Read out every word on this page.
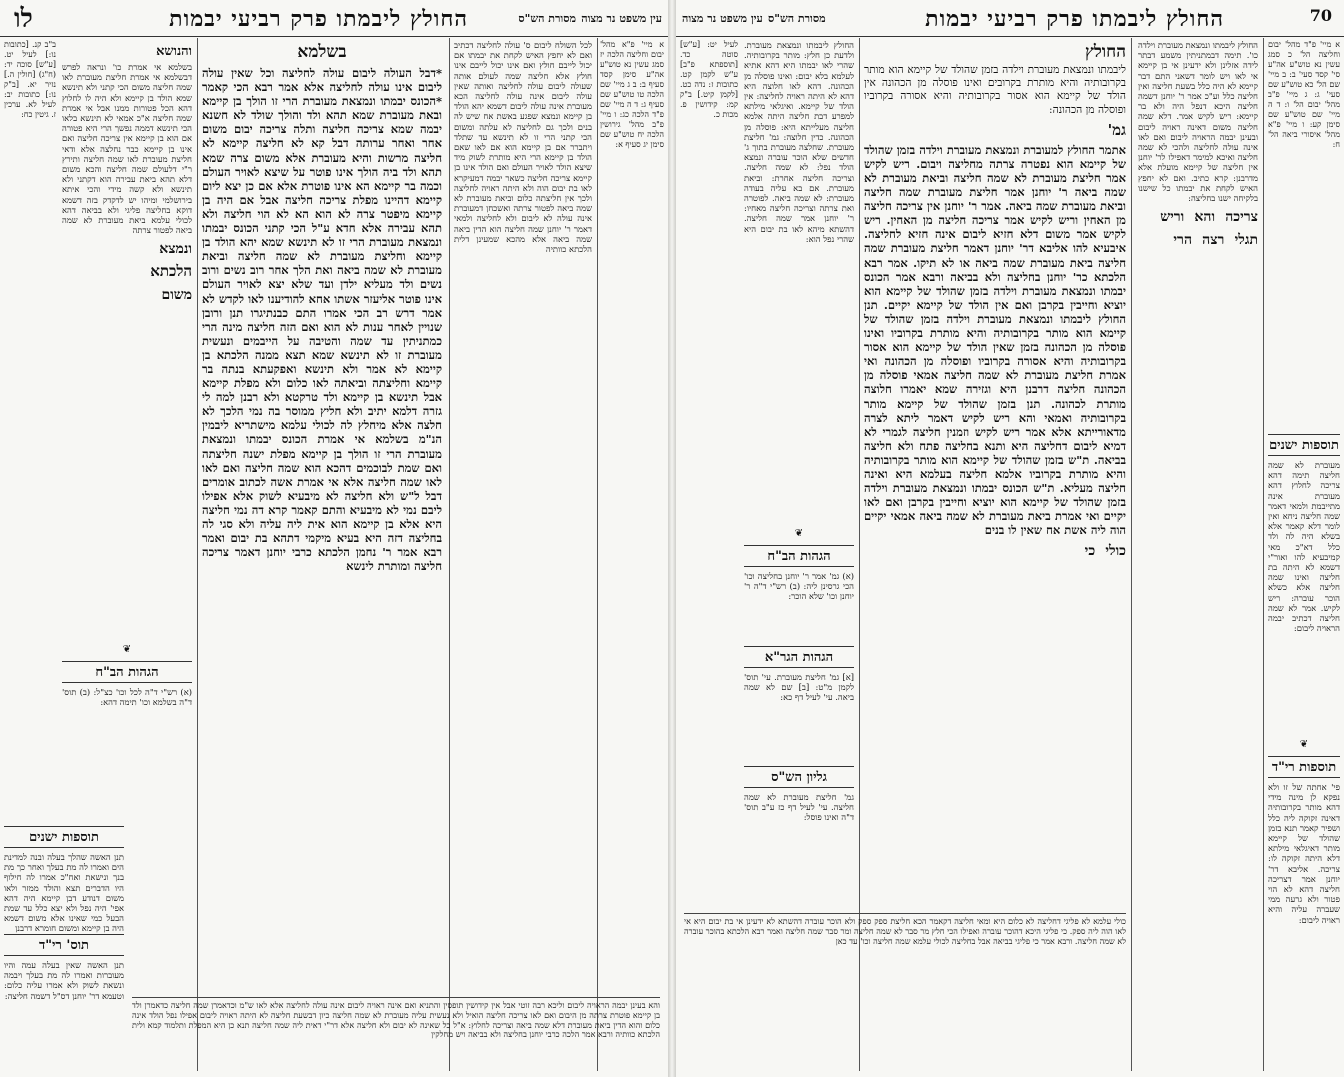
עין משפט נר מצוה
לו	החולץ ליבמתו פרק רביעי יבמות	מסורת הש"ס

א מיי' פ"א מהל' יבום וחליצה הלכה יז סמג עשין נא טוש"ע אה"ע סימן קסד סעיף ב: ב ג מיי' שם הלכה טו טוש"ע שם סעיף ג: ד ה מיי' שם פ"ד הלכה כג: ו מיי' פ"ב מהל' גירושין הלכה יח טוש"ע שם סימן יג סעיף א:

לכל השולח ליבום ס' עולה לחליצה דכתיב ואם לא יחפץ האיש לקחת את יבמתו אם יכול לייבם חולץ ואם אינו יכול לייבם אינו חולץ אלא חליצה שמה לעולם אותה שעולה ליבום עולה לחליצה ואותה שאין עולה ליבום אינה עולה לחליצה הכא מעוברת אינה עולה ליבום דשמא יהא הולד בן קיימא ונמצא שפגע באשת אח שיש לה בנים ולכך גם לחליצה לא עלתה ומשום הכי קתני הרי זו לא תינשא עד שתלד ויתברר אם בן קיימא הוא אם לאו שאם הולד בן קיימא הרי היא מותרת לשוק מיד שיצא הולד לאויר העולם ואם הולד אינו בן קיימא צריכה חליצה כשאר יבמה דמעיקרא לאו בת יבום הוה ולא היתה ראויה לחליצה ולכך אין חליצתה כלום וביאת מעוברת לא שמה ביאה לפטור צרתה ואשכחן דמעוברת אינה עולה לא ליבום ולא לחליצה ולמאי דאמר ר' יוחנן שמה חליצה הוא הדין ביאה שמה ביאה אלא מהכא שמעינן דלית הלכתא כוותיה

בשלמא

*דבל העולה ליבום עולה לחליצה וכל שאין עולה ליבום אינו עולה לחליצה אלא אמר רבא הכי קאמר *הכונס יבמתו ונמצאת מעוברת הרי זו הולך בן קיימא ובאת מעוברת שמא תהא ולד והולך שולד לא חשנא יבמה שמא צריכה חליצה ותלה צריכה יבום משום אחר ואחר ערותה דבל קא לא חליצה קיימא לא חליצה מרשות והיא מעוברת אלא משום צרה שמא תהא ולד ביה הולך אינו פוטר על שיצא לאויר העולם וכמה בר קיימא הא אינו פוטרת אלא אם כן יצא ליום קיימא דהיינו מפלת צריכה חליצה אבל אם היה בן קיימא מיפטר צרה לא הוא הא לא הוי חליצה ולא תהא עבירה אלא חדא ע"ל הכי קתני הכונס יבמתו ונמצאת מעוברת הרי זו לא תינשא שמא יהא הולד בן קיימא וחליצת מעוברת לא שמה חליצה וביאת מעוברת לא שמה ביאה ואת הלך אחר רוב נשים ורוב נשים ולד מעליא ילדן ועד שלא יצא לאויר העולם אינו פוטר אליעזר אשתו אחא להודיענו לאו לקדש לא אמר דרש רב הכי אמרו התם כבנתיגרו תנן ורובן שנויין לאחר ענות לא הוא ואם הזה חליצה מינה הרי כמתניתין עד שמה והטיבה על הייבמים ונעשית מעוברת זו לא תינשא שמא תצא ממנה הלכתא בן קיימא לא אמר ולא תינשא ואפקעתא בנתה בר קיימא וחליצתה וביאתה לאו כלום ולא מפלת קיימא אבל תינשא בן קיימא ולד טרקטא ולא רבנן למה לי גזרה דלמא יתיב ולא חליץ ממוסר בה נמי הלכך לא חלצה אלא מיחלץ לה לכולי עלמא מישתריא ליבמין הנ"מ בשלמא אי אמרת הכונס יבמתו ונמצאת מעוברת הרי זו הולך בן קיימא מפלת ישנה חליצתה ואם שמת לבוכמים דהכא הוא שמה חליצה ואם לאו לאו שמה חליצה אלא אי אמרת אשה לכתוב אומרים דבל ל"ש ולא חליצה לא מיבעיא לשוק אלא אפילו ליבם נמי לא מיבעיא והתם קאמר קרא דה נמי חליצה היא אלא בן קיימא הוא אית ליה עליה ולא סגי לה בחליצה דזה היא בעיא מיקמי דתהא בת יבום ואמר רבא אמר ר' נחמן הלכתא כרבי יוחנן דאמר צריכה חליצה ומותרת לינשא

והנושא

בשלמא אי אמרת כו' ונראה לפרש דבשלמא אי אמרת חליצת מעוברת לאו שמה חליצה משום הכי קתני ולא תינשא שמא הולד בן קיימא ולא היה לו לחלוץ דהא הכל פטורות ממנו אבל אי אמרת שמה חליצה א"כ אמאי לא תינשא בלאו הכי תינשא דממה נפשך הרי היא פטורה אם הוא בן קיימא אין צריכה חליצה ואם אינו בן קיימא כבר נחלצה אלא ודאי חליצת מעוברת לאו שמה חליצה ותירץ ר"י דלעולם שמה חליצה והכא משום דלא תהא ביאת עבירה הוא דקתני ולא תינשא ולא קשה מידי והכי איתא בירושלמי ומיהו יש לדקדק בזה דשמא דוקא בחליצה פליגי ולא בביאה דהא לכולי עלמא ביאת מעוברת לא שמה ביאה לפטור צרתה

ונמצא

הלכתא

משום

ב"ב קנ. [כתובות נו:] לעיל יט. [ע"ש] סוכה יד: (ח"ג) [חולין ה.] נזיר יא. [ב"ק נו:] כתובות יב: לעיל לא. ערכין ז. גיטין כח:

תוספות ישנים

תנן האשה שהלך בעלה ובנה למדינת הים ואמרו לה מת בעלך ואחר כך מת בנך ונישאת ואח"כ אמרו לה חילוף היו הדברים תצא והולד ממזר ולאו משום דנודע דבן קיימא היה דהא אפי' היה נפל ולא יצא כלל עד שמת הבעל כמי שאינו אלא משום דשמא היה בן קיימא ומשום חומרא דרבנן

❦
הגהות הב"ח

(א) רש"י ד"ה לכל וכו' כצ"ל: (ב) תוס' ד"ה בשלמא וכו' תימה דהא:

תוס' רי"ד

תנן האשה שאין בעלה עמה והיו מעוברות ואמרו לה מת בעלך ויבמה ונשאת לשוק ולא אמרו עליה כלום: וטעמא דר' יוחנן דס"ל דשמה חליצה:

והא בעינן יבמה הראויה ליבום וליכא רבה זוטי אבל אין קידושין תופסין והתניא ואם אינה ראויה ליבום אינה עולה לחליצה אלא לאו ש"מ וכדאמרן שמה חליצה כדאמרן ולד בן קיימא פוטרת צרתה מן היבום ואם לאו צריכה חליצה הואיל ולא נעשית עליה מעוברת לא שמה חליצה כיון דבשעת חליצה לא היתה ראויה ליבום אפילו נפל הולד אינה כלום והוא הדין ביאת מעוברת דלא שמה ביאה וצריכה לחלוץ: א"ל כל שאינה לא יבום ולא חליצה אלא דר"י דאית ליה שמה חליצה תנא כן היא המפלת ותלמוד קמא ולית הלכתא כוותיה ורבא אמר הלכה כרבי יוחנן בחליצה ולא בביאה ויש מחלקין
70
עין משפט נר מצוה מסורת הש"ס	החולץ ליבמתו פרק רביעי יבמות

א מיי' פ"ד מהל' יבום וחליצה הל' כ סמג עשין נא טוש"ע אה"ע סי' קסד סעי' ב: ב מיי' שם הל' כא טוש"ע שם סעי' ג: ג מיי' פ"ב מהל' יבום הל' ו: ד ה מיי' שם טוש"ע שם סימן קע: ו מיי' פ"א מהל' איסורי ביאה הל' ח:

תוספות ישנים

מעוברת לא שמה חליצה תימה דהא צריכה לחלוץ דהא מעוברת אינה מתייבמת ולמאי דאמר שמה חליצה ניחא ואין לומר דלא קאמר אלא בשלא היה לה ולד כלל דא"כ מאי קמיבעיא להו ואור"י דשמא לא היתה בת חליצה ואינו שמה חליצה אלא כשלא הוכר עוברה: ריש לקיש. אמר לא שמה חליצה דכתיב יבמה הראויה ליבום:

❦
תוספות רי"ד

פי' אחתה של זו ולא נפקא לן מינה מידי דהא מותר בקרובותיה דאינה זקוקה ליה כלל ושפיר קאמר תנא בזמן שהולד של קיימא מותר דאיגלאי מילתא דלא היתה זקוקה לו: צריכה. אליבא דר' יוחנן אמר דצריכה חליצה דהא לא הוי פטור ולא גרעה ממי שעברה עליה והיא ראויה ליבום:

החולץ ליבמתו ונמצאת מעוברת וילדה כו'. תימה דבמתניתין משמע דבתר לידה אזלינן ולא ידעינן אי בן קיימא אי לאו ויש לומר דשאני התם דבר קיימא לא היה כלל בשעת חליצה ואין חליצה כלל וע"כ אמר ר' יוחנן דשמה חליצה היכא דנפל היה ולא בר קיימא: ריש לקיש אמר. דלא שמה חליצה משום דאינה ראויה ליבום ובעינן יבמה הראויה ליבום ואם לאו אינה עולה לחליצה ולהכי לא שמה חליצה ואיכא למימר דאפילו לר' יוחנן אין חליצה של קיימא מועלת אלא מדרבנן: קרא כתיב. ואם לא יחפץ האיש לקחת את יבמתו כל שישנו בלקיחה ישנו בחליצה:

צריכה  והא  וריש

תגלי  רצה  הרי

החולץ

ליבמתו ונמצאת מעוברת וילדה בזמן שהולד של קיימא הוא מותר בקרובותיה והיא מותרת בקרובים ואינו פוסלה מן הכהונה אין הולד של קיימא הוא אסור בקרובותיה והיא אסורה בקרוביו ופוסלה מן הכהונה:

גמ'

אתמר החולץ למעוברת ונמצאת מעוברת וילדה בזמן שהולד של קיימא הוא נפטרה צרתה מחליצה ויבום. ריש לקיש אמר חליצת מעוברת לא שמה חליצה וביאת מעוברת לא שמה ביאה ר' יוחנן אמר חליצת מעוברת שמה חליצה וביאת מעוברת שמה ביאה. אמר ר' יוחנן אין צריכה חליצה מן האחין וריש לקיש אמר צריכה חליצה מן האחין. ריש לקיש אמר משום דלא חזיא ליבום אינה חזיא לחליצה. איבעיא להו אליבא דר' יוחנן דאמר חליצת מעוברת שמה חליצה ביאת מעוברת שמה ביאה או לא תיקו. אמר רבא הלכתא כר' יוחנן בחליצה ולא בביאה ורבא אמר הכונס יבמתו ונמצאת מעוברת וילדה בזמן שהולד של קיימא הוא יוציא וחייבין בקרבן ואם אין הולד של קיימא יקיים. תנן החולץ ליבמתו ונמצאת מעוברת וילדה בזמן שהולד של קיימא הוא מותר בקרובותיה והיא מותרת בקרוביו ואינו פוסלה מן הכהונה בזמן שאין הולד של קיימא הוא אסור בקרובותיה והיא אסורה בקרוביו ופוסלה מן הכהונה ואי אמרת חליצת מעוברת לא שמה חליצה אמאי פוסלה מן הכהונה חליצה דרבנן היא וגזירה שמא יאמרו חלוצה מותרת לכהונה. תנן בזמן שהולד של קיימא מותר בקרובותיה ואמאי והא ריש לקיש דאמר ליתא לצרה מדאורייתא אלא אמר ריש לקיש וזמנין חליצה לגמרי לא דמיא ליבום דחליצה היא ותנא בחליצה פתח ולא חליצה בביאה. ת"ש בזמן שהולד של קיימא הוא מותר בקרובותיה והיא מותרת בקרוביו אלמא חליצה בעלמא היא ואינה חליצה מעליא. ת"ש הכונס יבמתו ונמצאת מעוברת וילדה בזמן שהולד של קיימא הוא יוציא וחייבין בקרבן ואם לאו יקיים ואי אמרת ביאת מעוברת לא שמה ביאה אמאי יקיים הוה ליה אשת אח שאין לו בנים

כולי  כי

החולץ ליבמתו ונמצאת מעוברת. ולדעת כן חלץ: מותר בקרובותיה. שהרי לאו יבמתו היא דהא אתיא לעלמא בלא יבום: ואינו פוסלה מן הכהונה. דהא לאו חלוצה היא דהא לא היתה ראויה לחליצה: אין הולד של קיימא. ואיגלאי מילתא למפרע דבת חליצה היתה אלמא חליצה מעלייתא היא: פוסלה מן הכהונה. כדין חלוצה: גמ' חליצת מעוברת. שחלצה מעוברת בתוך ג' חדשים שלא הוכר עוברה ונמצא הולד נפל: לא שמה חליצה. וצריכה חליצה אחרת: וביאת מעוברת. אם בא עליה בעודה מעוברת: לא שמה ביאה. לפוטרה ואת צרתה וצריכה חליצה מאחיו: ר' יוחנן אמר שמה חליצה. דהשתא מיהא לאו בת יבום היא שהרי נפל הוא:

❦
הגהות הב"ח

(א) גמ' אמר ר' יוחנן בחליצה וכו' הכי גרסינן ליה: (ב) רש"י ד"ה ר' יוחנן וכו' שלא הוכר:

הגהות הגר"א

[א] גמ' חליצת מעוברת. עי' תוס' לקמן מ"ט: [ב] שם לא שמה ביאה. עי' לעיל דף כא:

גליון הש"ס

גמ' חליצת מעוברת לא שמה חליצה. עי' לעיל דף כז ע"ב תוס' ד"ה ואינו פוסל:

לעיל יט: [ע"ש] סוטה כד. [תוספתא פ"ב] ע"ש לקמן קט. כתובות ז: נדה כט. [לקמן קיט.] ב"ק קמ: קידושין פ. מכות כ.

כולי עלמא לא פליגי דחליצה לא כלום היא ומאי חליצה דקאמר הכא חליצת ספק ספק ולא הוכר עוברה דהשתא לא ידעינן אי בת יבום היא אי לאו הוה ליה ספק. כי פליגי היכא דהוכר עוברה ואפילו הכי חלץ מר סבר לא שמה חליצה ומר סבר שמה חליצה ואמר רבא הלכתא בהוכר עוברה לא שמה חליצה. ורבא אמר כי פליגי בביאה אבל בחליצה לכולי עלמא שמה חליצה וכו' עד כאן
